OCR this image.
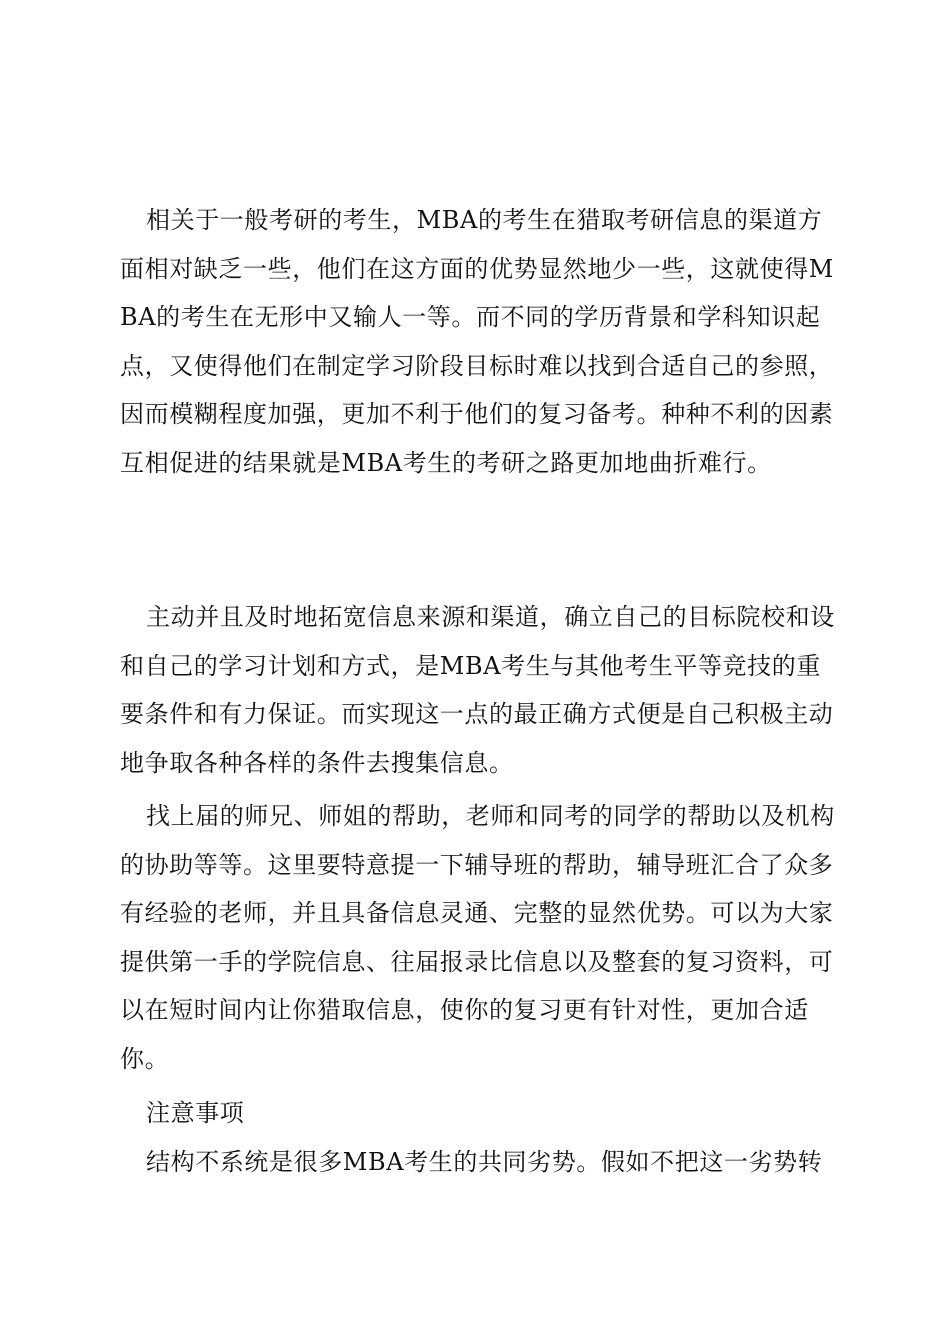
相关于一般考研的考生，MBA的考生在猎取考研信息的渠道方面相对缺乏一些，他们在这方面的优势显然地少一些，这就使得MBA的考生在无形中又输人一等。而不同的学历背景和学科知识起点，又使得他们在制定学习阶段目标时难以找到合适自己的参照，因而模糊程度加强，更加不利于他们的复习备考。种种不利的因素互相促进的结果就是MBA考生的考研之路更加地曲折难行。

主动并且及时地拓宽信息来源和渠道，确立自己的目标院校和设和自己的学习计划和方式，是MBA考生与其他考生平等竞技的重要条件和有力保证。而实现这一点的最正确方式便是自己积极主动地争取各种各样的条件去搜集信息。

找上届的师兄、师姐的帮助，老师和同考的同学的帮助以及机构的协助等等。这里要特意提一下辅导班的帮助，辅导班汇合了众多有经验的老师，并且具备信息灵通、完整的显然优势。可以为大家提供第一手的学院信息、往届报录比信息以及整套的复习资料，可以在短时间内让你猎取信息，使你的复习更有针对性，更加合适你。

注意事项

结构不系统是很多MBA考生的共同劣势。假如不把这一劣势转
